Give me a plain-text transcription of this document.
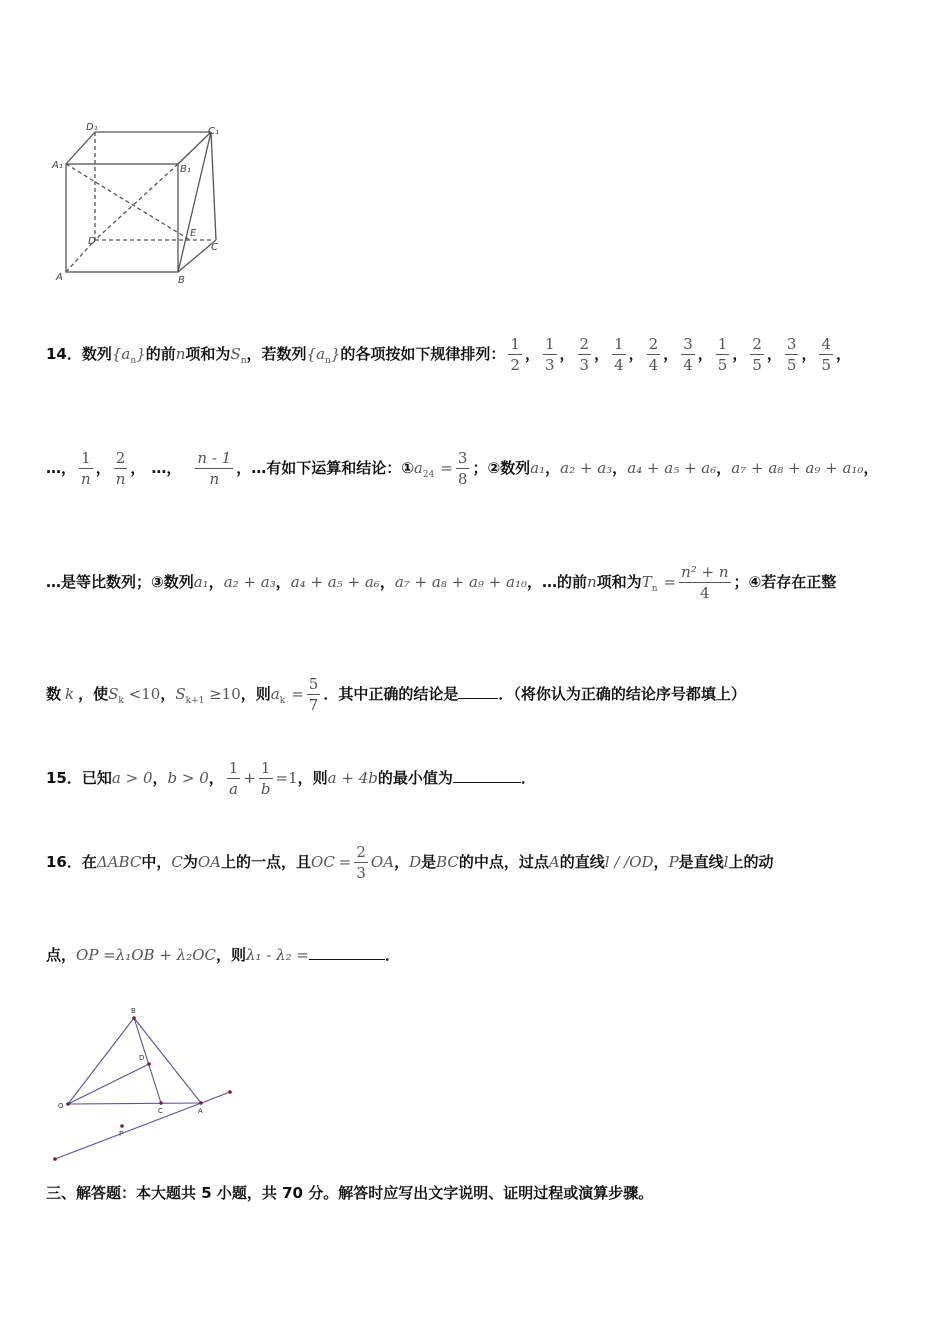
D₁	C₁
A₁	B₁
D
E
C
A	B
14．数列$\{a_n\}$的前n项和为$S_n$，若数列$\{a_n\}$的各项按如下规律排列： $\frac{1}{2}$ ， $\frac{1}{3}$ ， $\frac{2}{3}$ ， $\frac{1}{4}$ ， $\frac{2}{4}$ ， $\frac{3}{4}$ ， $\frac{1}{5}$ ， $\frac{2}{5}$ ， $\frac{3}{5}$ ， $\frac{4}{5}$ ，
…， $\frac{1}{n}$ ， $\frac{2}{n}$ ， …， $\frac{n - 1}{n}$ ，…有如下运算和结论：$①a_{24} = \frac{3}{8}$ ；②数列a₁，a₂ + a₃，a₄ + a₅ + a₆，a₇ + a₈ + a₉ + a₁₀，
…是等比数列；③数列a₁，a₂ + a₃，a₄ + a₅ + a₆，a₇ + a₈ + a₉ + a₁₀，…的前n项和为$T_n = \frac{\text{n² + n}}{4}$ ；④若存在正整
数 k ，使$S_k <10$，$S_{k+1} \ge 10$，则$a_k = \frac{5}{7}$ ．其中正确的结论是	．（将你认为正确的结论序号都填上）
15．已知a > 0，b > 0， $\frac{1}{a} + \frac{1}{b} =1$，则a + 4b的最小值为	．
16．在ΔABC中，C为OA上的一点，且OC = $\frac{2}{3}$ OA，D是BC的中点，过点A的直线l / /OD，P是直线l上的动
点，OP =λ₁OB + λ₂OC，则λ₁ - λ₂ =	．
B
D
O
C	A
P
三、解答题：本大题共 5 小题，共 70 分。解答时应写出文字说明、证明过程或演算步骤。
